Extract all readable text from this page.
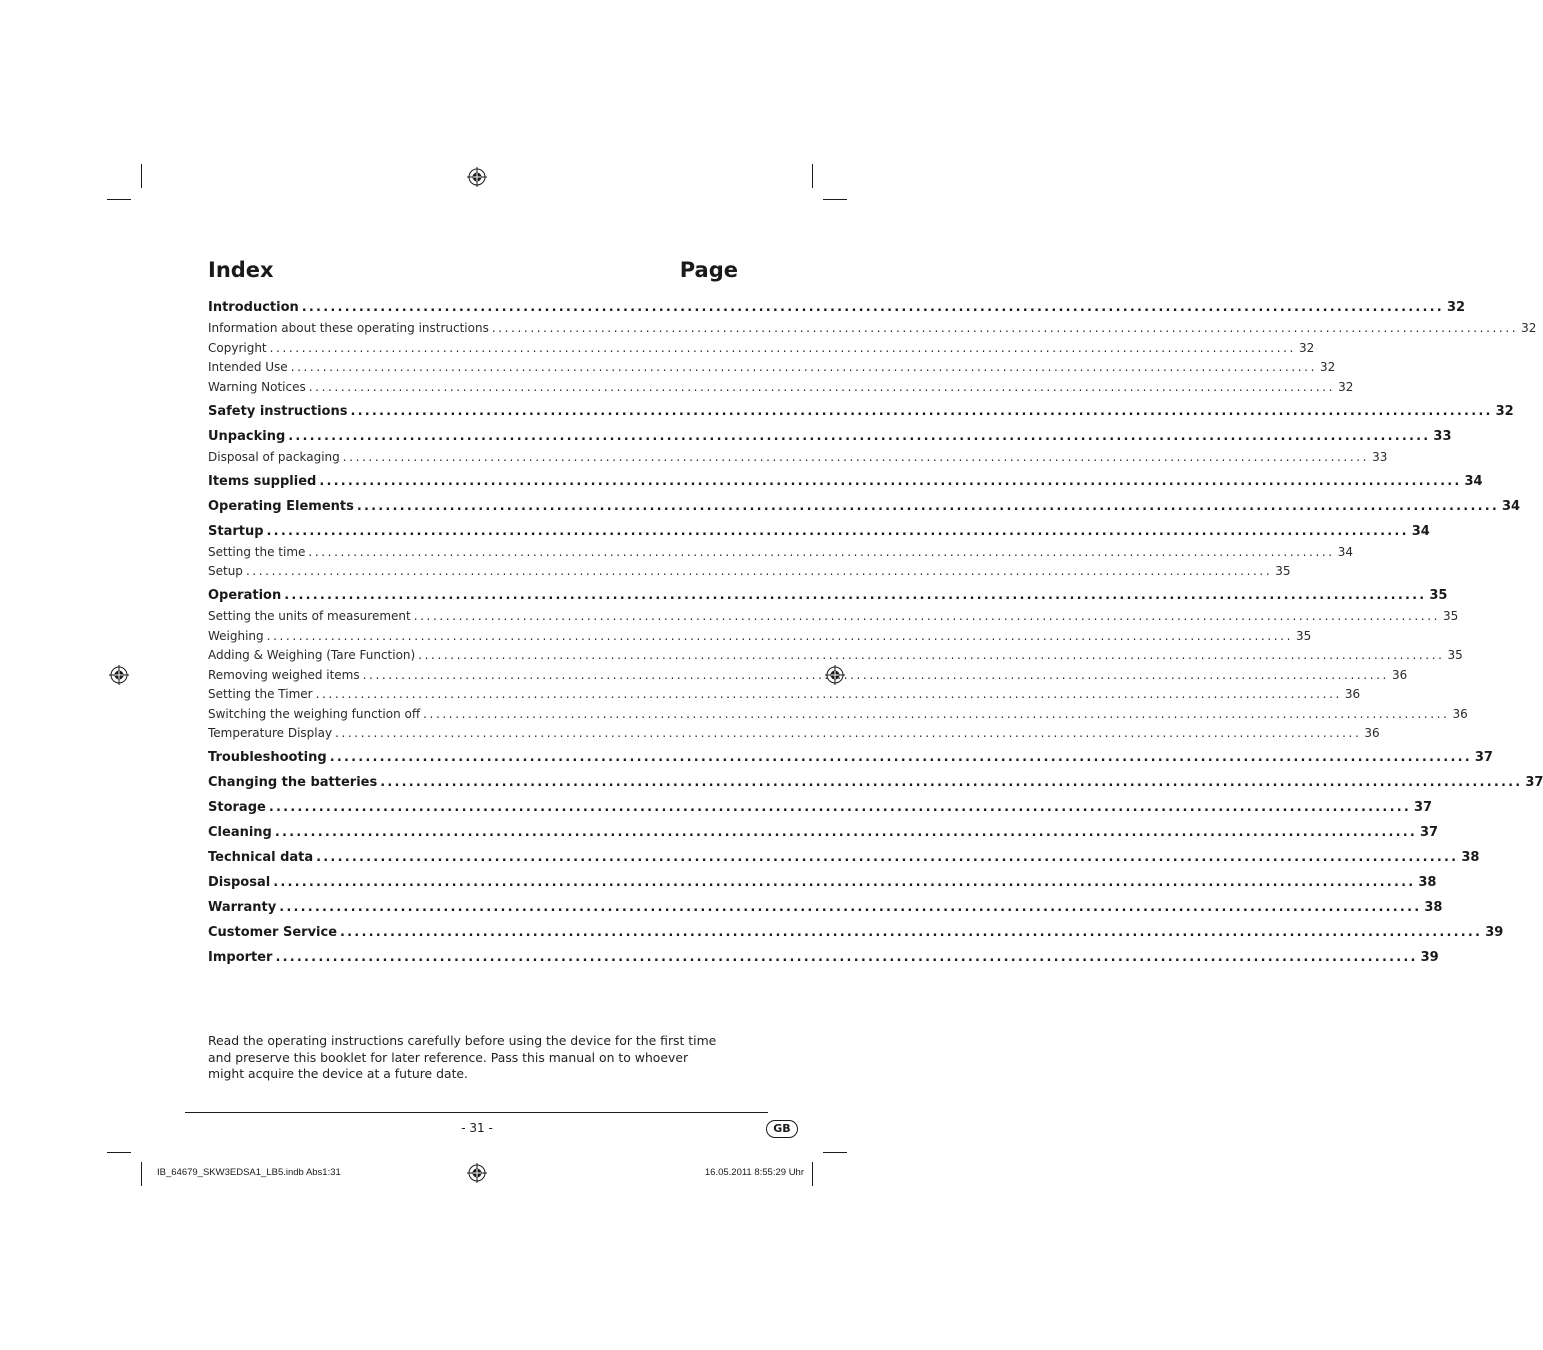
Index	Page
Introduction ................................................................................................................................................................ 32
Information about these operating instructions ................................................................................................................................................................ 32
Copyright ................................................................................................................................................................ 32
Intended Use ................................................................................................................................................................ 32
Warning Notices ................................................................................................................................................................ 32
Safety instructions ................................................................................................................................................................ 32
Unpacking ................................................................................................................................................................ 33
Disposal of packaging ................................................................................................................................................................ 33
Items supplied ................................................................................................................................................................ 34
Operating Elements ................................................................................................................................................................ 34
Startup ................................................................................................................................................................ 34
Setting the time ................................................................................................................................................................ 34
Setup ................................................................................................................................................................ 35
Operation ................................................................................................................................................................ 35
Setting the units of measurement ................................................................................................................................................................ 35
Weighing ................................................................................................................................................................ 35
Adding & Weighing (Tare Function) ................................................................................................................................................................ 35
Removing weighed items ................................................................................................................................................................ 36
Setting the Timer ................................................................................................................................................................ 36
Switching the weighing function off ................................................................................................................................................................ 36
Temperature Display ................................................................................................................................................................ 36
Troubleshooting ................................................................................................................................................................ 37
Changing the batteries ................................................................................................................................................................ 37
Storage ................................................................................................................................................................ 37
Cleaning ................................................................................................................................................................ 37
Technical data ................................................................................................................................................................ 38
Disposal ................................................................................................................................................................ 38
Warranty ................................................................................................................................................................ 38
Customer Service ................................................................................................................................................................ 39
Importer ................................................................................................................................................................ 39
Read the operating instructions carefully before using the device for the first time and preserve this booklet for later reference. Pass this manual on to whoever might acquire the device at a future date.
- 31 -	GB
IB_64679_SKW3EDSA1_LB5.indb Abs1:31	16.05.2011 8:55:29 Uhr
